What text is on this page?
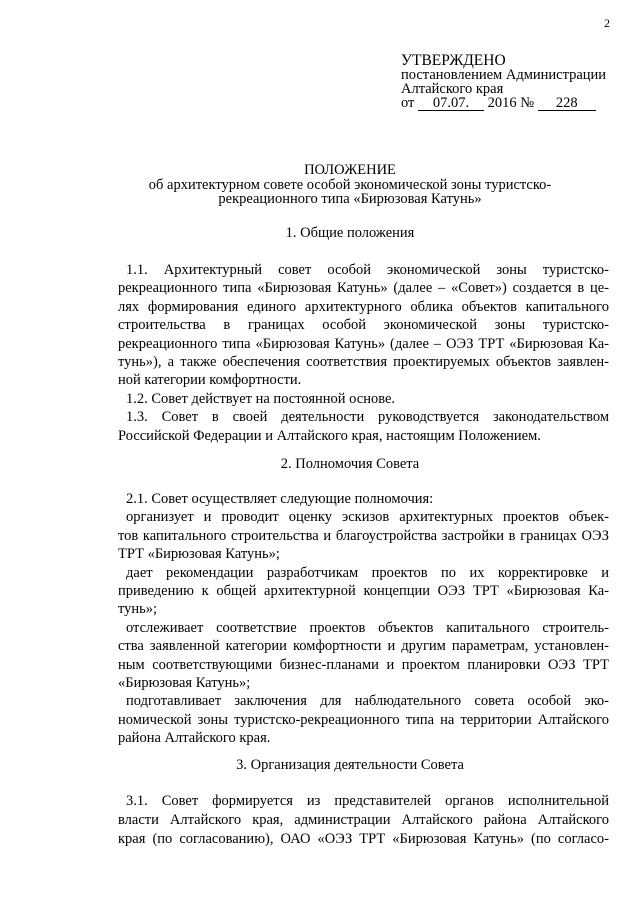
2
УТВЕРЖДЕНО
постановлением Администрации
Алтайского края
от 07.07. 2016 № 228
ПОЛОЖЕНИЕ
об архитектурном совете особой экономической зоны туристско-
рекреационного типа «Бирюзовая Катунь»
1. Общие положения

1.1. Архитектурный совет особой экономической зоны туристско-

рекреационного типа «Бирюзовая Катунь» (далее – «Совет») создается в це-

лях формирования единого архитектурного облика объектов капитального

строительства в границах особой экономической зоны туристско-

рекреационного типа «Бирюзовая Катунь» (далее – ОЭЗ ТРТ «Бирюзовая Ка-

тунь»), а также обеспечения соответствия проектируемых объектов заявлен-

ной категории комфортности.

1.2. Совет действует на постоянной основе.

1.3. Совет в своей деятельности руководствуется законодательством

Российской Федерации и Алтайского края, настоящим Положением.

2. Полномочия Совета

2.1. Совет осуществляет следующие полномочия:

организует и проводит оценку эскизов архитектурных проектов объек-

тов капитального строительства и благоустройства застройки в границах ОЭЗ

ТРТ «Бирюзовая Катунь»;

дает рекомендации разработчикам проектов по их корректировке и

приведению к общей архитектурной концепции ОЭЗ ТРТ «Бирюзовая Ка-

тунь»;

отслеживает соответствие проектов объектов капитального строитель-

ства заявленной категории комфортности и другим параметрам, установлен-

ным соответствующими бизнес-планами и проектом планировки ОЭЗ ТРТ

«Бирюзовая Катунь»;

подготавливает заключения для наблюдательного совета особой эко-

номической зоны туристско-рекреационного типа на территории Алтайского

района Алтайского края.

3. Организация деятельности Совета

3.1. Совет формируется из представителей органов исполнительной

власти Алтайского края, администрации Алтайского района Алтайского

края (по согласованию), ОАО «ОЭЗ ТРТ «Бирюзовая Катунь» (по согласо-
